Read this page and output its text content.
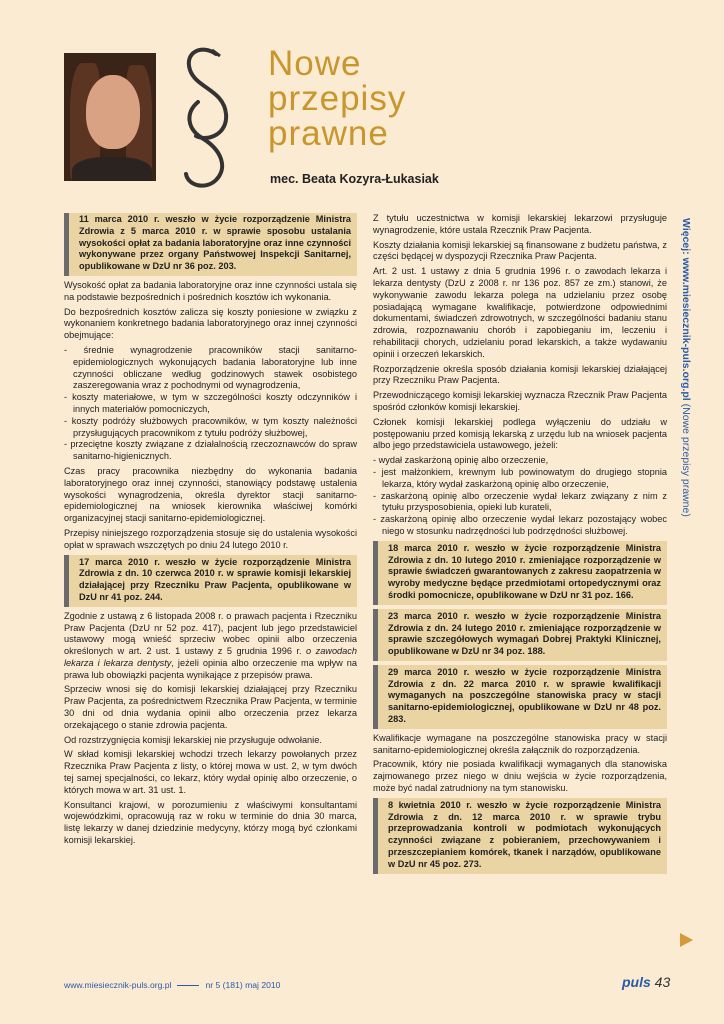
Nowe
przepisy
prawne
mec. Beata Kozyra-Łukasiak
11 marca 2010 r. weszło w życie rozporządzenie Ministra Zdrowia z 5 marca 2010 r. w sprawie sposobu ustalania wysokości opłat za badania laboratoryjne oraz inne czynności wykonywane przez organy Państwowej Inspekcji Sanitarnej, opublikowane w DzU nr 36 poz. 203.

Wysokość opłat za badania laboratoryjne oraz inne czynności ustala się na podstawie bezpośrednich i pośrednich kosztów ich wykonania.

Do bezpośrednich kosztów zalicza się koszty poniesione w związku z wykonaniem konkretnego badania laboratoryjnego oraz innej czynności obejmujące:

- średnie wynagrodzenie pracowników stacji sanitarno-epidemiologicznych wykonujących badania laboratoryjne lub inne czynności obliczane według godzinowych stawek osobistego zaszeregowania wraz z pochodnymi od wynagrodzenia,
- koszty materiałowe, w tym w szczególności koszty odczynników i innych materiałów pomocniczych,
- koszty podróży służbowych pracowników, w tym koszty należności przysługujących pracownikom z tytułu podróży służbowej,
- przeciętne koszty związane z działalnością rzeczoznawców do spraw sanitarno-higienicznych.

Czas pracy pracownika niezbędny do wykonania badania laboratoryjnego oraz innej czynności, stanowiący podstawę ustalenia wysokości wynagrodzenia, określa dyrektor stacji sanitarno-epidemiologicznej na wniosek kierownika właściwej komórki organizacyjnej stacji sanitarno-epidemiologicznej.

Przepisy niniejszego rozporządzenia stosuje się do ustalenia wysokości opłat w sprawach wszczętych po dniu 24 lutego 2010 r.

17 marca 2010 r. weszło w życie rozporządzenie Ministra Zdrowia z dn. 10 czerwca 2010 r. w sprawie komisji lekarskiej działającej przy Rzeczniku Praw Pacjenta, opublikowane w DzU nr 41 poz. 244.

Zgodnie z ustawą z 6 listopada 2008 r. o prawach pacjenta i Rzeczniku Praw Pacjenta (DzU nr 52 poz. 417), pacjent lub jego przedstawiciel ustawowy mogą wnieść sprzeciw wobec opinii albo orzeczenia określonych w art. 2 ust. 1 ustawy z 5 grudnia 1996 r. o zawodach lekarza i lekarza dentysty, jeżeli opinia albo orzeczenie ma wpływ na prawa lub obowiązki pacjenta wynikające z przepisów prawa.

Sprzeciw wnosi się do komisji lekarskiej działającej przy Rzeczniku Praw Pacjenta, za pośrednictwem Rzecznika Praw Pacjenta, w terminie 30 dni od dnia wydania opinii albo orzeczenia przez lekarza orzekającego o stanie zdrowia pacjenta.

Od rozstrzygnięcia komisji lekarskiej nie przysługuje odwołanie.

W skład komisji lekarskiej wchodzi trzech lekarzy powołanych przez Rzecznika Praw Pacjenta z listy, o której mowa w ust. 2, w tym dwóch tej samej specjalności, co lekarz, który wydał opinię albo orzeczenie, o których mowa w art. 31 ust. 1.

Konsultanci krajowi, w porozumieniu z właściwymi konsultantami wojewódzkimi, opracowują raz w roku w terminie do dnia 30 marca, listę lekarzy w danej dziedzinie medycyny, którzy mogą być członkami komisji lekarskiej.

Z tytułu uczestnictwa w komisji lekarskiej lekarzowi przysługuje wynagrodzenie, które ustala Rzecznik Praw Pacjenta.

Koszty działania komisji lekarskiej są finansowane z budżetu państwa, z części będącej w dyspozycji Rzecznika Praw Pacjenta.

Art. 2 ust. 1 ustawy z dnia 5 grudnia 1996 r. o zawodach lekarza i lekarza dentysty (DzU z 2008 r. nr 136 poz. 857 ze zm.) stanowi, że wykonywanie zawodu lekarza polega na udzielaniu przez osobę posiadającą wymagane kwalifikacje, potwierdzone odpowiednimi dokumentami, świadczeń zdrowotnych, w szczególności badaniu stanu zdrowia, rozpoznawaniu chorób i zapobieganiu im, leczeniu i rehabilitacji chorych, udzielaniu porad lekarskich, a także wydawaniu opinii i orzeczeń lekarskich.

Rozporządzenie określa sposób działania komisji lekarskiej działającej przy Rzeczniku Praw Pacjenta.

Przewodniczącego komisji lekarskiej wyznacza Rzecznik Praw Pacjenta spośród członków komisji lekarskiej.

Członek komisji lekarskiej podlega wyłączeniu do udziału w postępowaniu przed komisją lekarską z urzędu lub na wniosek pacjenta albo jego przedstawiciela ustawowego, jeżeli:

- wydał zaskarżoną opinię albo orzeczenie,
- jest małżonkiem, krewnym lub powinowatym do drugiego stopnia lekarza, który wydał zaskarżoną opinię albo orzeczenie,
- zaskarżoną opinię albo orzeczenie wydał lekarz związany z nim z tytułu przysposobienia, opieki lub kurateli,
- zaskarżoną opinię albo orzeczenie wydał lekarz pozostający wobec niego w stosunku nadrzędności lub podrzędności służbowej.
18 marca 2010 r. weszło w życie rozporządzenie Ministra Zdrowia z dn. 10 lutego 2010 r. zmieniające rozporządzenie w sprawie świadczeń gwarantowanych z zakresu zaopatrzenia w wyroby medyczne będące przedmiotami ortopedycznymi oraz środki pomocnicze, opublikowane w DzU nr 31 poz. 166.
23 marca 2010 r. weszło w życie rozporządzenie Ministra Zdrowia z dn. 24 lutego 2010 r. zmieniające rozporządzenie w sprawie szczegółowych wymagań Dobrej Praktyki Klinicznej, opublikowane w DzU nr 34 poz. 188.
29 marca 2010 r. weszło w życie rozporządzenie Ministra Zdrowia z dn. 22 marca 2010 r. w sprawie kwalifikacji wymaganych na poszczególne stanowiska pracy w stacji sanitarno-epidemiologicznej, opublikowane w DzU nr 48 poz. 283.

Kwalifikacje wymagane na poszczególne stanowiska pracy w stacji sanitarno-epidemiologicznej określa załącznik do rozporządzenia.

Pracownik, który nie posiada kwalifikacji wymaganych dla stanowiska zajmowanego przez niego w dniu wejścia w życie rozporządzenia, może być nadal zatrudniony na tym stanowisku.

8 kwietnia 2010 r. weszło w życie rozporządzenie Ministra Zdrowia z dn. 12 marca 2010 r. w sprawie trybu przeprowadzania kontroli w podmiotach wykonujących czynności związane z pobieraniem, przechowywaniem i przeszczepianiem komórek, tkanek i narządów, opublikowane w DzU nr 45 poz. 273.
Więcej: www.miesiecznik-puls.org.pl (Nowe przepisy prawne)
www.miesiecznik-puls.org.pl	nr 5 (181) maj 2010	puls 43
